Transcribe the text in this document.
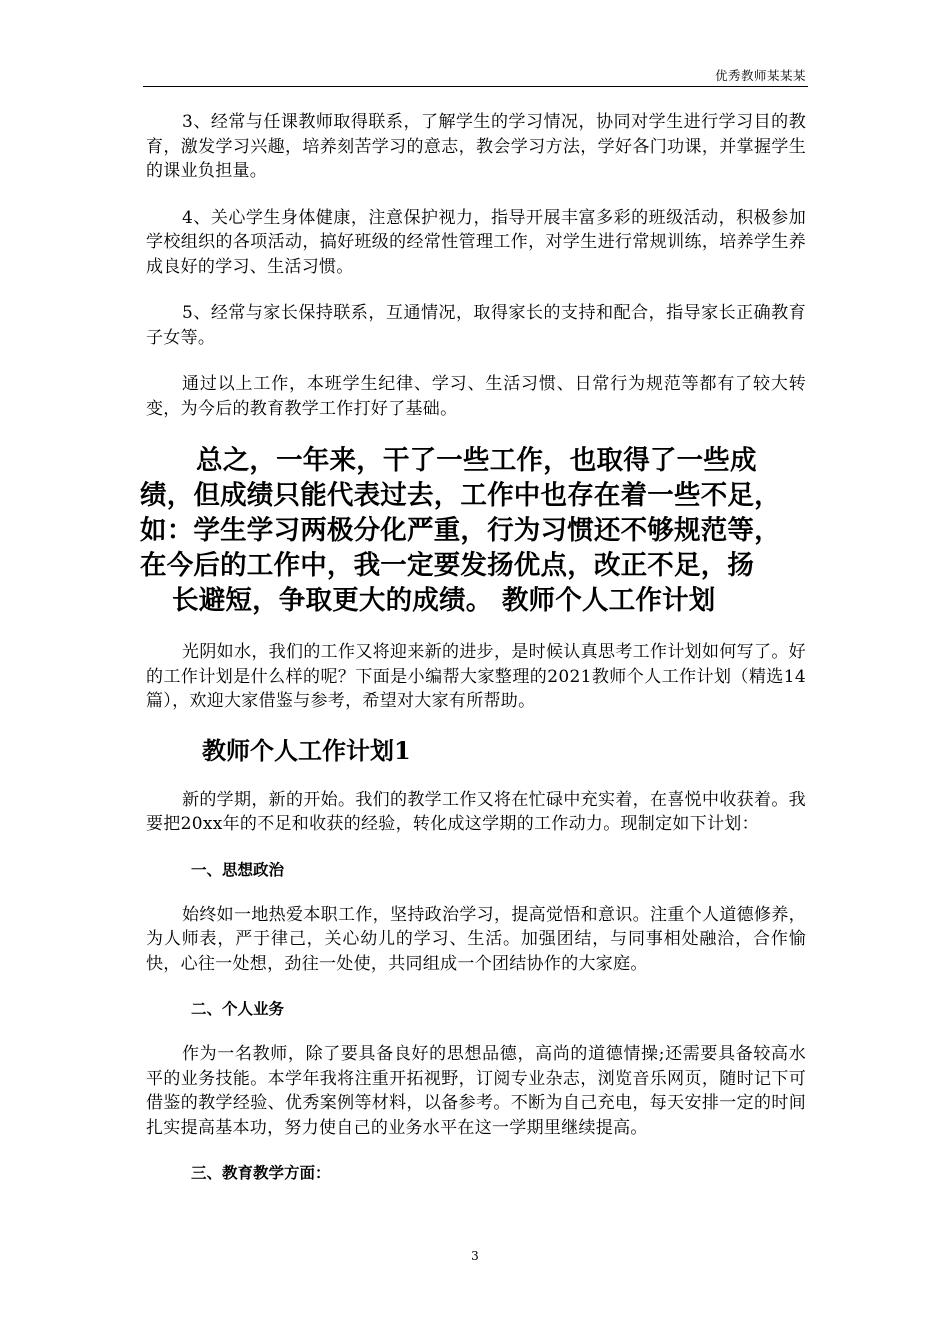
优秀教师某某某

3、经常与任课教师取得联系，了解学生的学习情况，协同对学生进行学习目的教育，激发学习兴趣，培养刻苦学习的意志，教会学习方法，学好各门功课，并掌握学生的课业负担量。

4、关心学生身体健康，注意保护视力，指导开展丰富多彩的班级活动，积极参加学校组织的各项活动，搞好班级的经常性管理工作，对学生进行常规训练，培养学生养成良好的学习、生活习惯。

5、经常与家长保持联系，互通情况，取得家长的支持和配合，指导家长正确教育子女等。

通过以上工作，本班学生纪律、学习、生活习惯、日常行为规范等都有了较大转变，为今后的教育教学工作打好了基础。

总之，一年来，干了一些工作，也取得了一些成绩，但成绩只能代表过去，工作中也存在着一些不足，如：学生学习两极分化严重，行为习惯还不够规范等，在今后的工作中，我一定要发扬优点，改正不足，扬
长避短，争取更大的成绩。 教师个人工作计划

光阴如水，我们的工作又将迎来新的进步，是时候认真思考工作计划如何写了。好的工作计划是什么样的呢？下面是小编帮大家整理的2021教师个人工作计划（精选14篇），欢迎大家借鉴与参考，希望对大家有所帮助。

教师个人工作计划1

新的学期，新的开始。我们的教学工作又将在忙碌中充实着，在喜悦中收获着。我要把20xx年的不足和收获的经验，转化成这学期的工作动力。现制定如下计划：

一、思想政治

始终如一地热爱本职工作，坚持政治学习，提高觉悟和意识。注重个人道德修养，为人师表，严于律己，关心幼儿的学习、生活。加强团结，与同事相处融洽，合作愉快，心往一处想，劲往一处使，共同组成一个团结协作的大家庭。

二、个人业务

作为一名教师，除了要具备良好的思想品德，高尚的道德情操;还需要具备较高水平的业务技能。本学年我将注重开拓视野，订阅专业杂志，浏览音乐网页，随时记下可借鉴的教学经验、优秀案例等材料，以备参考。不断为自己充电，每天安排一定的时间扎实提高基本功，努力使自己的业务水平在这一学期里继续提高。

三、教育教学方面：
3
